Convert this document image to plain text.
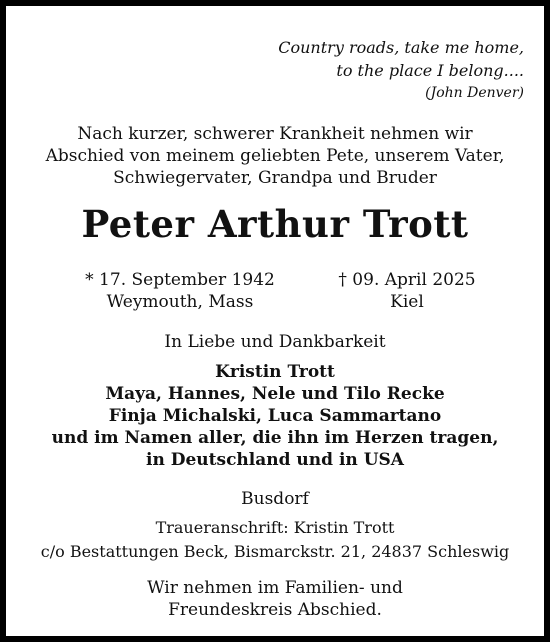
Country roads, take me home,
to the place I belong....
(John Denver)
Nach kurzer, schwerer Krankheit nehmen wir
Abschied von meinem geliebten Pete, unserem Vater,
Schwiegervater, Grandpa und Bruder
Peter Arthur Trott
* 17. September 1942
Weymouth, Mass
† 09. April 2025
Kiel
In Liebe und Dankbarkeit
Kristin Trott
Maya, Hannes, Nele und Tilo Recke
Finja Michalski, Luca Sammartano
und im Namen aller, die ihn im Herzen tragen,
in Deutschland und in USA
Busdorf
Traueranschrift: Kristin Trott
c/o Bestattungen Beck, Bismarckstr. 21, 24837 Schleswig
Wir nehmen im Familien- und
Freundeskreis Abschied.
